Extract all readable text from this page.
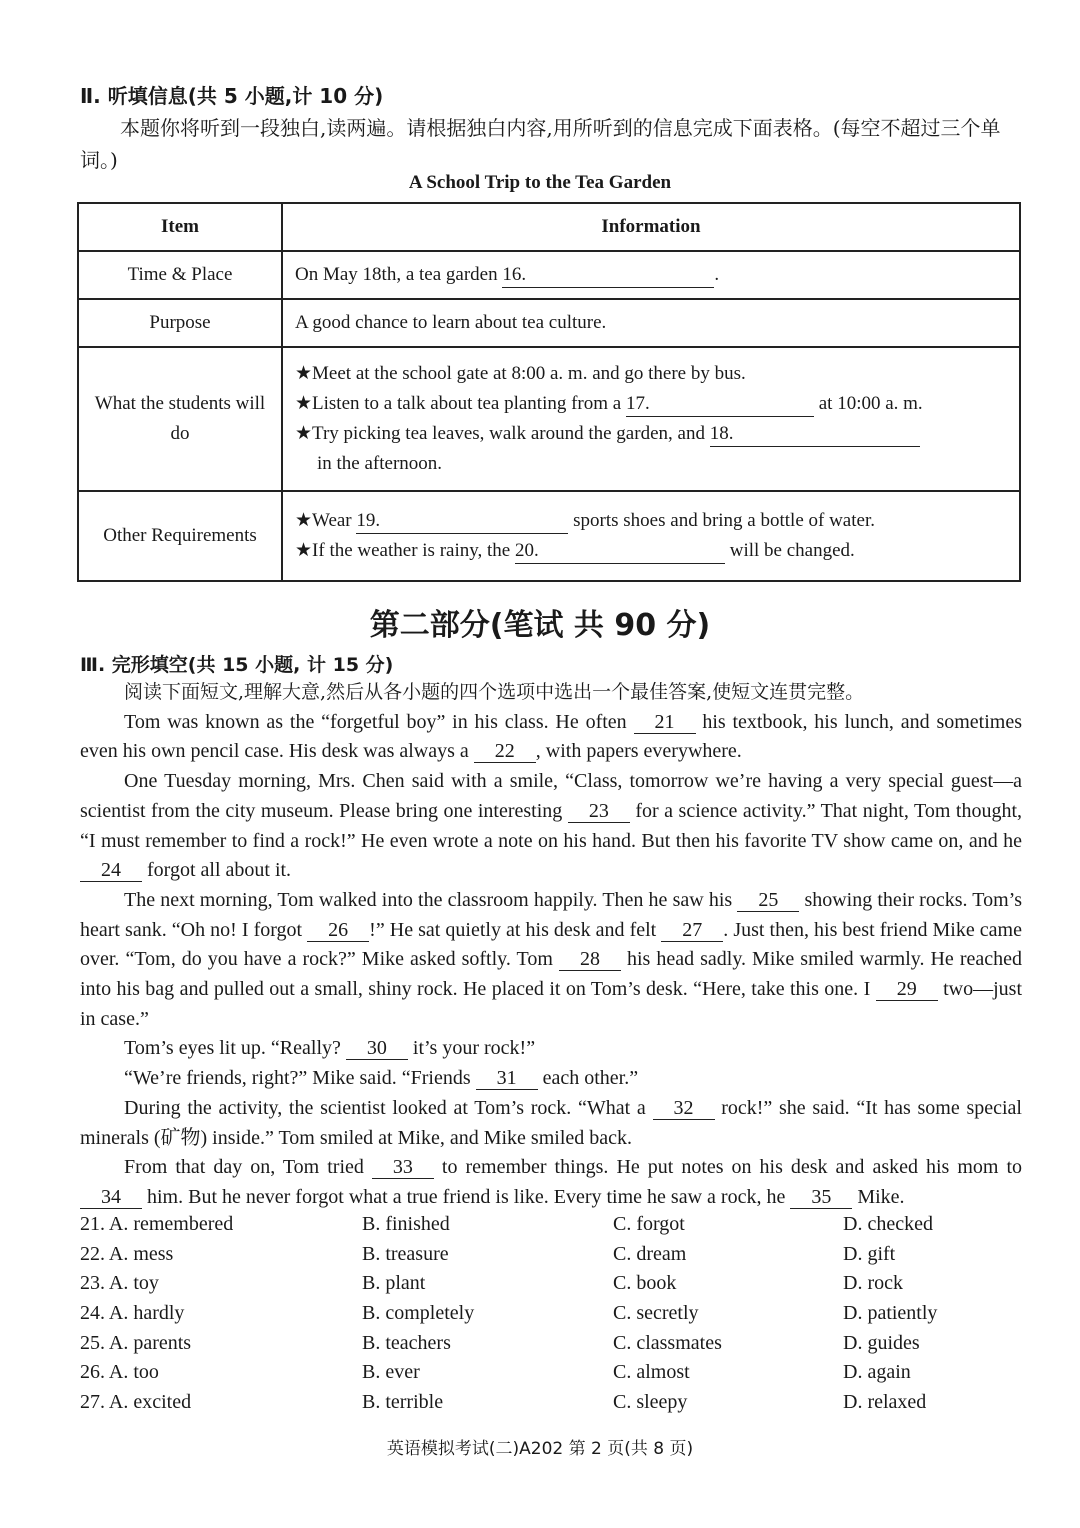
Ⅱ. 听填信息(共 5 小题,计 10 分)
本题你将听到一段独白,读两遍。请根据独白内容,用所听到的信息完成下面表格。(每空不超过三个单词。)
A School Trip to the Tea Garden
Item	Information
Time & Place	On May 18th, a tea garden 16. .
Purpose	A good chance to learn about tea culture.
What the students will do	★Meet at the school gate at 8:00 a. m. and go there by bus.
★Listen to a talk about tea planting from a 17. at 10:00 a. m.
★Try picking tea leaves, walk around the garden, and 18.
in the afternoon.

Other Requirements	★Wear 19. sports shoes and bring a bottle of water.
★If the weather is rainy, the 20. will be changed.
第二部分(笔试 共 90 分)
Ⅲ. 完形填空(共 15 小题, 计 15 分)

阅读下面短文,理解大意,然后从各小题的四个选项中选出一个最佳答案,使短文连贯完整。

Tom was known as the “forgetful boy” in his class. He often 21 his textbook, his lunch, and sometimes even his own pencil case. His desk was always a 22 , with papers everywhere.

One Tuesday morning, Mrs. Chen said with a smile, “Class, tomorrow we’re having a very special guest—a scientist from the city museum. Please bring one interesting 23 for a science activity.” That night, Tom thought, “I must remember to find a rock!” He even wrote a note on his hand. But then his favorite TV show came on, and he 24 forgot all about it.

The next morning, Tom walked into the classroom happily. Then he saw his 25 showing their rocks. Tom’s heart sank. “Oh no! I forgot 26 !” He sat quietly at his desk and felt 27 . Just then, his best friend Mike came over. “Tom, do you have a rock?” Mike asked softly. Tom 28 his head sadly. Mike smiled warmly. He reached into his bag and pulled out a small, shiny rock. He placed it on Tom’s desk. “Here, take this one. I 29 two—just in case.”

Tom’s eyes lit up. “Really? 30 it’s your rock!”

“We’re friends, right?” Mike said. “Friends 31 each other.”

During the activity, the scientist looked at Tom’s rock. “What a 32 rock!” she said. “It has some special minerals (矿物) inside.” Tom smiled at Mike, and Mike smiled back.

From that day on, Tom tried 33 to remember things. He put notes on his desk and asked his mom to 34 him. But he never forgot what a true friend is like. Every time he saw a rock, he 35 Mike.

21. A. remembered	B. finished	C. forgot	D. checked
22. A. mess	B. treasure	C. dream	D. gift
23. A. toy	B. plant	C. book	D. rock
24. A. hardly	B. completely	C. secretly	D. patiently
25. A. parents	B. teachers	C. classmates	D. guides
26. A. too	B. ever	C. almost	D. again
27. A. excited	B. terrible	C. sleepy	D. relaxed
英语模拟考试(二)A202 第 2 页(共 8 页)
